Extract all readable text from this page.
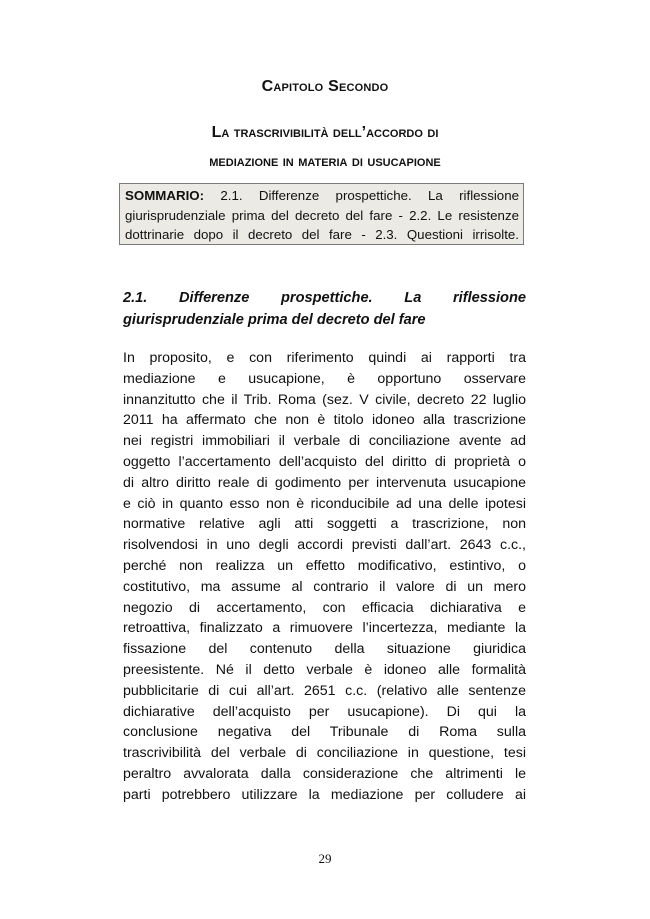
Capitolo Secondo
La trascrivibilità dell’accordo di
mediazione in materia di usucapione
SOMMARIO: 2.1. Differenze prospettiche. La riflessione
giurisprudenziale prima del decreto del fare - 2.2. Le resistenze
dottrinarie dopo il decreto del fare - 2.3. Questioni irrisolte.
2.1. Differenze prospettiche. La riflessione
giurisprudenziale prima del decreto del fare
In proposito, e con riferimento quindi ai rapporti tra
mediazione e usucapione, è opportuno osservare
innanzitutto che il Trib. Roma (sez. V civile, decreto 22 luglio
2011 ha affermato che non è titolo idoneo alla trascrizione
nei registri immobiliari il verbale di conciliazione avente ad
oggetto l’accertamento dell’acquisto del diritto di proprietà o
di altro diritto reale di godimento per intervenuta usucapione
e ciò in quanto esso non è riconducibile ad una delle ipotesi
normative relative agli atti soggetti a trascrizione, non
risolvendosi in uno degli accordi previsti dall’art. 2643 c.c.,
perché non realizza un effetto modificativo, estintivo, o
costitutivo, ma assume al contrario il valore di un mero
negozio di accertamento, con efficacia dichiarativa e
retroattiva, finalizzato a rimuovere l’incertezza, mediante la
fissazione del contenuto della situazione giuridica
preesistente. Né il detto verbale è idoneo alle formalità
pubblicitarie di cui all’art. 2651 c.c. (relativo alle sentenze
dichiarative dell’acquisto per usucapione). Di qui la
conclusione negativa del Tribunale di Roma sulla
trascrivibilità del verbale di conciliazione in questione, tesi
peraltro avvalorata dalla considerazione che altrimenti le
parti potrebbero utilizzare la mediazione per colludere ai
29
